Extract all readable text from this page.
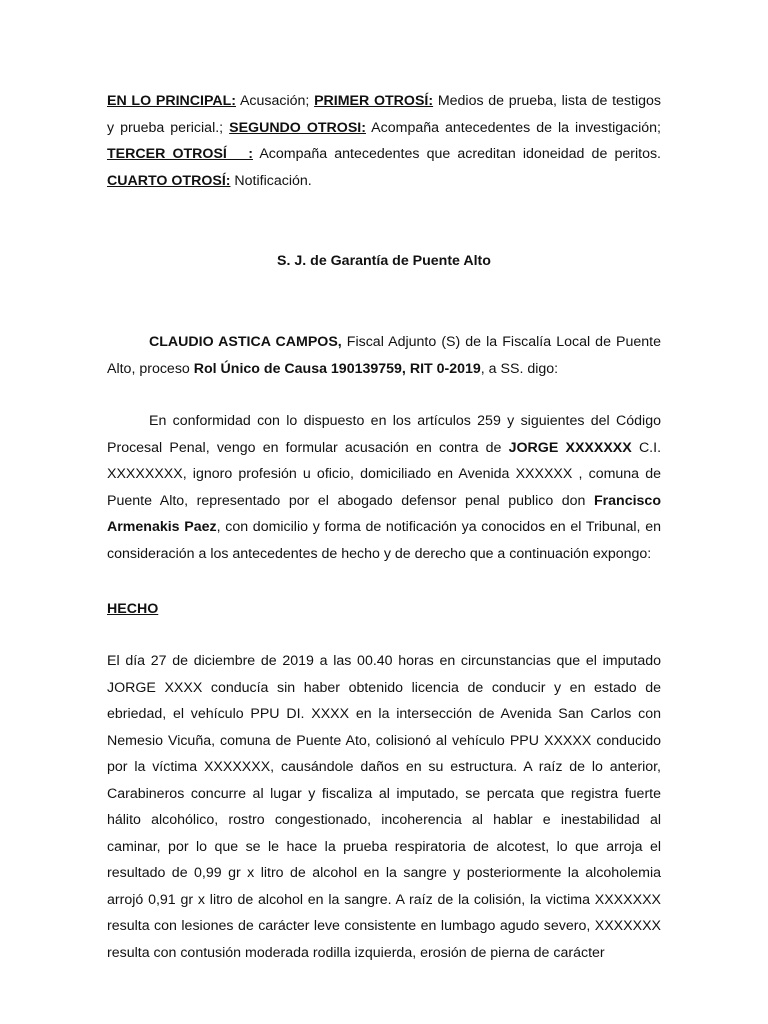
EN LO PRINCIPAL: Acusación; PRIMER OTROSÍ: Medios de prueba, lista de testigos y prueba pericial.; SEGUNDO OTROSI: Acompaña antecedentes de la investigación; TERCER OTROSÍ   : Acompaña antecedentes que acreditan idoneidad de peritos. CUARTO OTROSÍ: Notificación.

S. J. de Garantía de Puente Alto

CLAUDIO ASTICA CAMPOS, Fiscal Adjunto (S) de la Fiscalía Local de Puente Alto, proceso Rol Único de Causa 190139759, RIT 0-2019, a SS. digo:

En conformidad con lo dispuesto en los artículos 259 y siguientes del Código Procesal Penal, vengo en formular acusación en contra de JORGE XXXXXXX C.I. XXXXXXXX, ignoro profesión u oficio, domiciliado en Avenida XXXXXX , comuna de Puente Alto, representado por el abogado defensor penal publico don Francisco Armenakis Paez, con domicilio y forma de notificación ya conocidos en el Tribunal, en consideración a los antecedentes de hecho y de derecho que a continuación expongo:

HECHO

El día 27 de diciembre de 2019 a las 00.40 horas en circunstancias que el imputado JORGE XXXX conducía sin haber obtenido licencia de conducir y en estado de ebriedad, el vehículo PPU DI. XXXX en la intersección de Avenida San Carlos con Nemesio Vicuña, comuna de Puente Ato, colisionó al vehículo PPU XXXXX conducido por la víctima XXXXXXX, causándole daños en su estructura. A raíz de lo anterior, Carabineros concurre al lugar y fiscaliza al imputado, se percata que registra fuerte hálito alcohólico, rostro congestionado, incoherencia al hablar e inestabilidad al caminar, por lo que se le hace la prueba respiratoria de alcotest, lo que arroja el resultado de 0,99 gr x litro de alcohol en la sangre y posteriormente la alcoholemia arrojó 0,91 gr x litro de alcohol en la sangre. A raíz de la colisión, la victima XXXXXXX resulta con lesiones de carácter leve consistente en lumbago agudo severo, XXXXXXX resulta con contusión moderada rodilla izquierda, erosión de pierna de carácter
